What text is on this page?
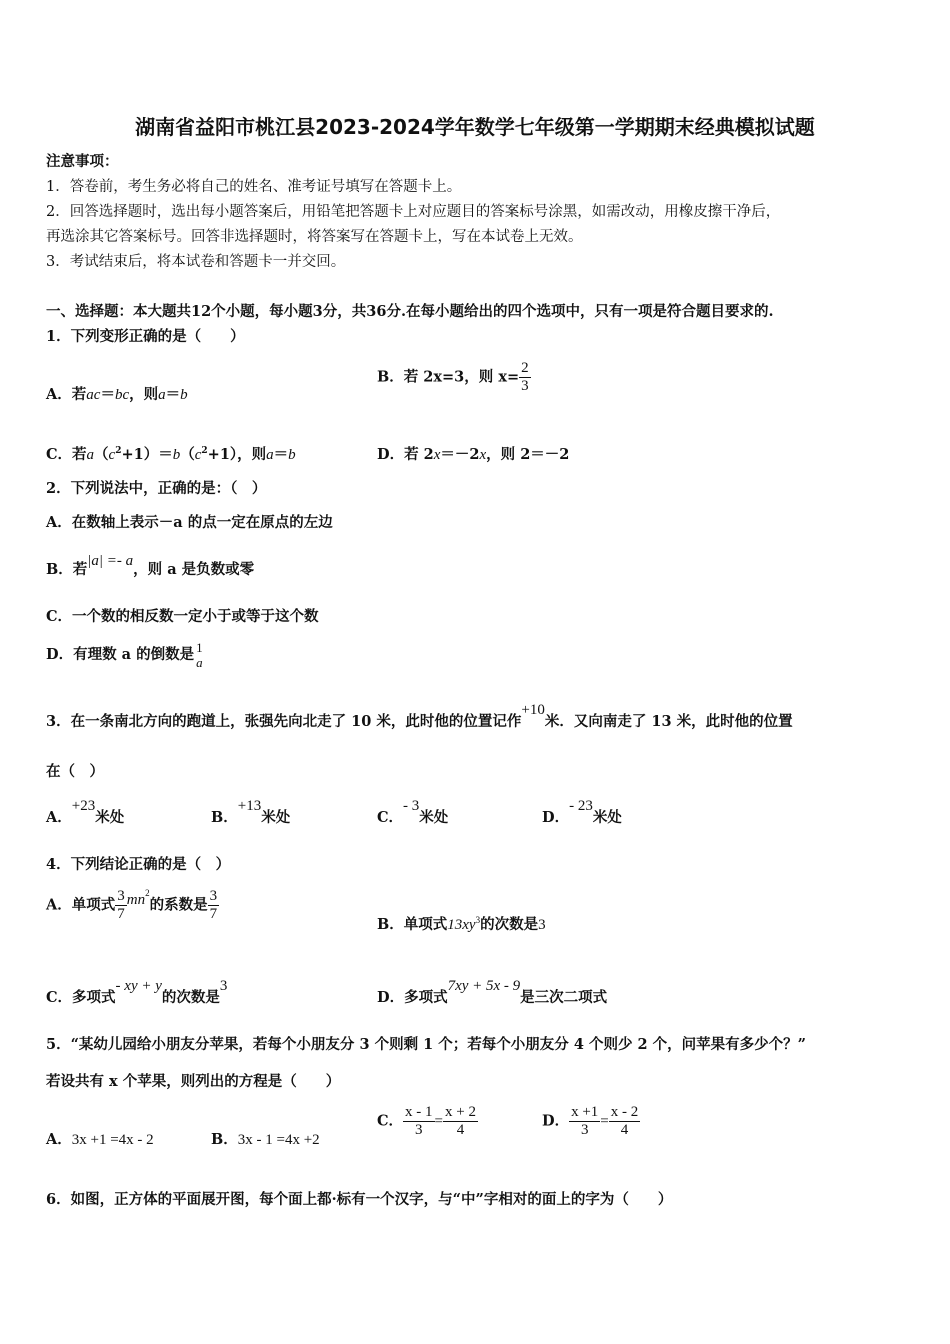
湖南省益阳市桃江县2023-2024学年数学七年级第一学期期末经典模拟试题
注意事项：
1．答卷前，考生务必将自己的姓名、准考证号填写在答题卡上。
2．回答选择题时，选出每小题答案后，用铅笔把答题卡上对应题目的答案标号涂黑，如需改动，用橡皮擦干净后，
再选涂其它答案标号。回答非选择题时，将答案写在答题卡上，写在本试卷上无效。
3．考试结束后，将本试卷和答题卡一并交回。
一、选择题：本大题共12个小题，每小题3分，共36分.在每小题给出的四个选项中，只有一项是符合题目要求的.
1．下列变形正确的是（　　）
A．若ac＝bc，则a＝b
B．若 2x=3，则 $x= \frac{2}{3}$
C．若$a(c^2+1)=b(c^2+1)$，则a＝b	D．若 2x＝－2x，则 2＝－2
2．下列说法中，正确的是：（　）
A．在数轴上表示－a 的点一定在原点的左边
B．若|a| =- a，则 a 是负数或零
C．一个数的相反数一定小于或等于这个数
D．有理数 a 的倒数是 1
a
3．在一条南北方向的跑道上，张强先向北走了 10 米，此时他的位置记作+10米．又向南走了 13 米，此时他的位置
在（　）
A．+23米处	B．+13米处	C．- 3米处	D．- 23米处
4．下列结论正确的是（　）
A．单项式 $\frac{3}{7} mn^2$的系数是 $\frac{3}{7}$
B．单项式$13xy^3$的次数是3
C．多项式- xy + y的次数是3
D．多项式7xy + 5x - 9是三次二项式
5．“某幼儿园给小朋友分苹果，若每个小朋友分 3 个则剩 1 个；若每个小朋友分 4 个则少 2 个，问苹果有多少个？”
若设共有 x 个苹果，则列出的方程是（　　）
A．3x +1 =4x - 2	B．3x - 1 =4x +2
C． $\frac{x - 1}{3} = \frac{x + 2}{4}$	D． $\frac{x +1}{3} = \frac{x - 2}{4}$
6．如图，正方体的平面展开图，每个面上都·标有一个汉字，与“中”字相对的面上的字为（　　）
